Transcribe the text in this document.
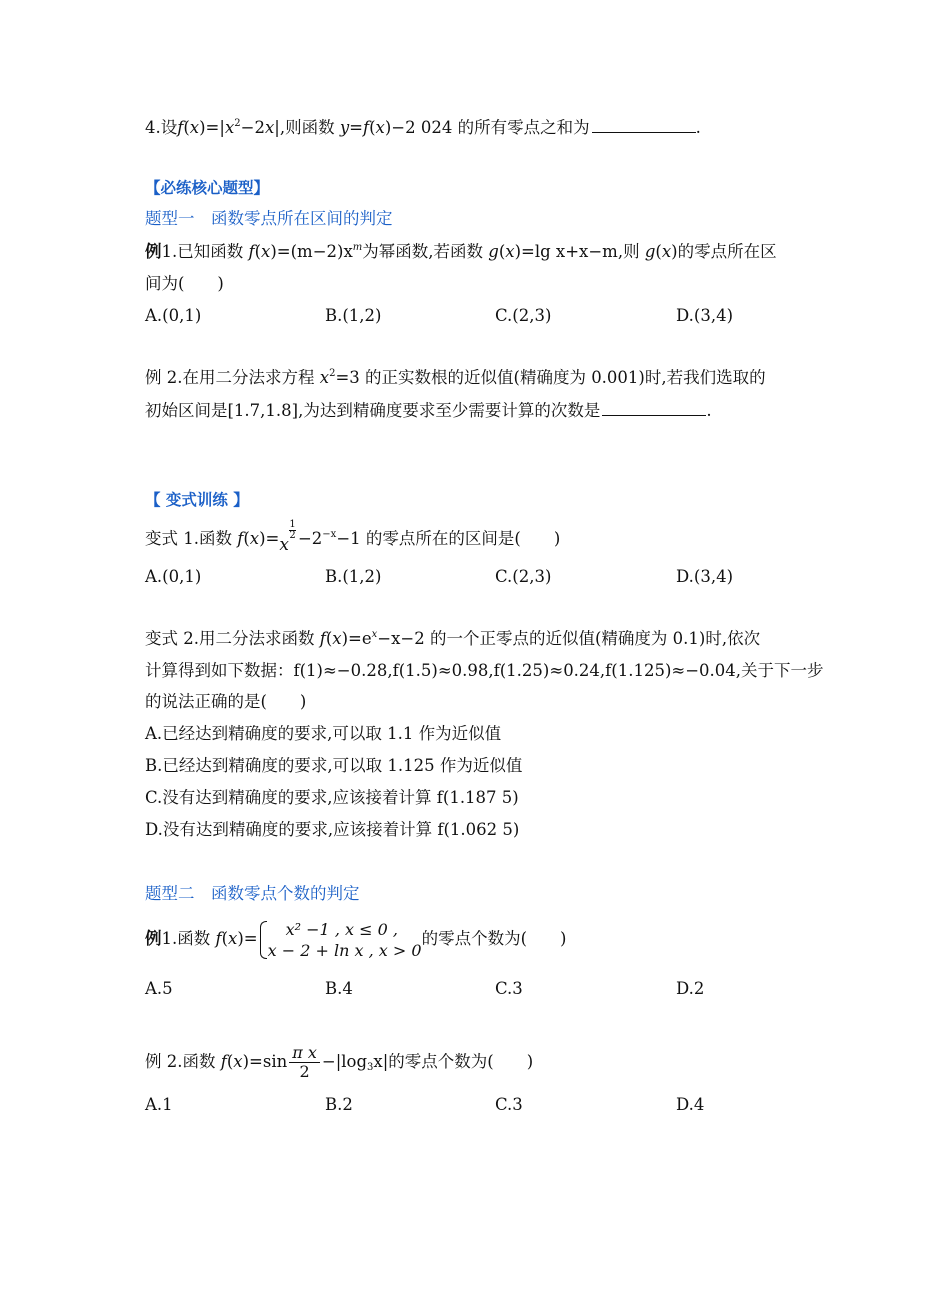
4.设$f(x)=|x^2-2x|$,则函数 y=f(x)−2 024 的所有零点之和为	.
【必练核心题型】
题型一　函数零点所在区间的判定
例1.已知函数 $f(x)=(m-2)x^m$为幂函数,若函数 g(x)=lg x+x−m,则 g(x)的零点所在区
间为(　　)
A.(0,1)	B.(1,2)	C.(2,3)	D.(3,4)
例 2.在用二分法求方程 $x^2=3$ 的正实数根的近似值(精确度为 0.001)时,若我们选取的
初始区间是[1.7,1.8],为达到精确度要求至少需要计算的次数是	.
【 变式训练 】
变式 1.函数 f(x)=x
$\frac{1}{2} -2^{-x}-1$ 的零点所在的区间是(　　)
A.(0,1)	B.(1,2)	C.(2,3)	D.(3,4)
变式 2.用二分法求函数 $f(x)=e^x-x-2$ 的一个正零点的近似值(精确度为 0.1)时,依次
计算得到如下数据：f(1)≈−0.28,f(1.5)≈0.98,f(1.25)≈0.24,f(1.125)≈−0.04,关于下一步
的说法正确的是(　　)
A.已经达到精确度的要求,可以取 1.1 作为近似值
B.已经达到精确度的要求,可以取 1.125 作为近似值
C.没有达到精确度的要求,应该接着计算 f(1.187 5)
D.没有达到精确度的要求,应该接着计算 f(1.062 5)
题型二　函数零点个数的判定
例1.函数 f(x)=	x² −1 , x ≤ 0 ,
x − 2 + ln x , x > 0
的零点个数为(　　)
A.5	B.4	C.3	D.2
例 2.函数 $f(x)=\sin \frac{\text{π x}}{2} -|\log_3x|$的零点个数为(　　)
A.1	B.2	C.3	D.4
